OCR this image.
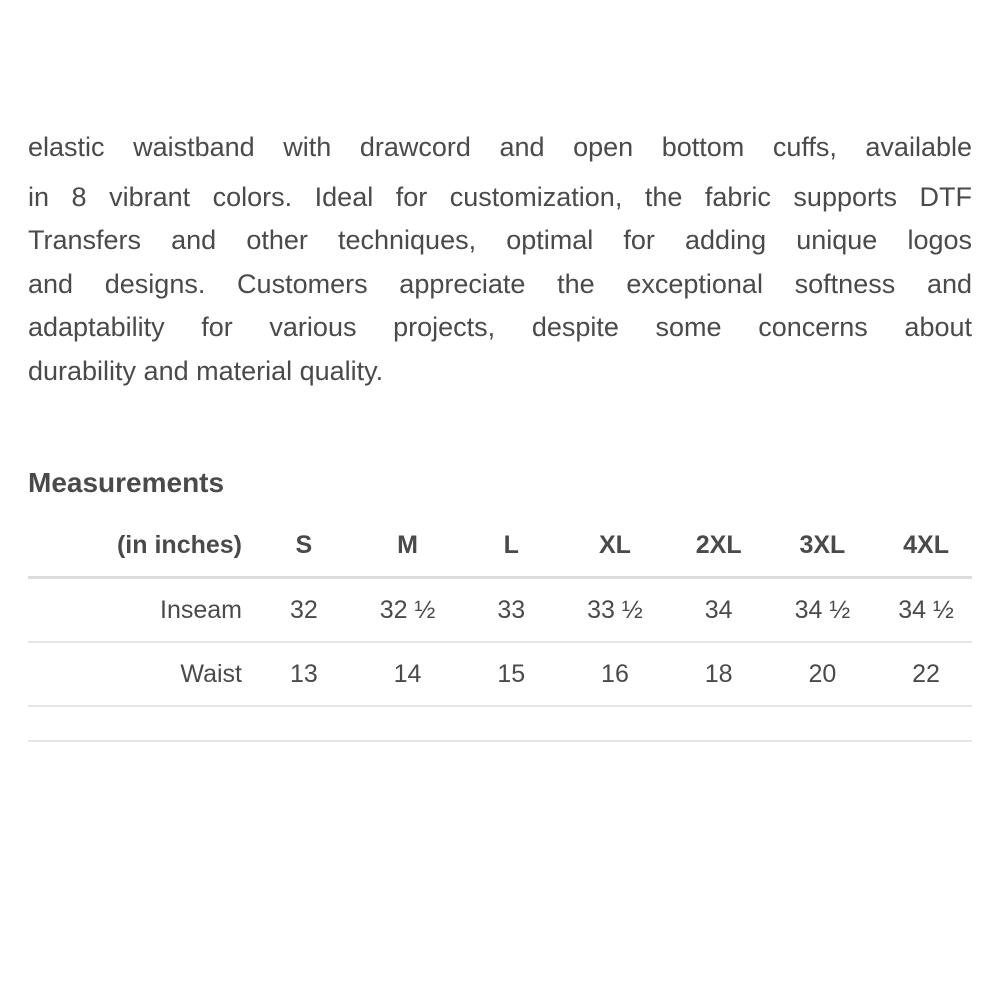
elastic waistband with drawcord and open bottom cuffs, available
in 8 vibrant colors. Ideal for customization, the fabric supports DTF
Transfers and other techniques, optimal for adding unique logos
and designs. Customers appreciate the exceptional softness and
adaptability for various projects, despite some concerns about
durability and material quality.
Measurements
(in inches)	S	M	L	XL	2XL	3XL	4XL
Inseam	32	32 ½	33	33 ½	34	34 ½	34 ½
Waist	13	14	15	16	18	20	22
